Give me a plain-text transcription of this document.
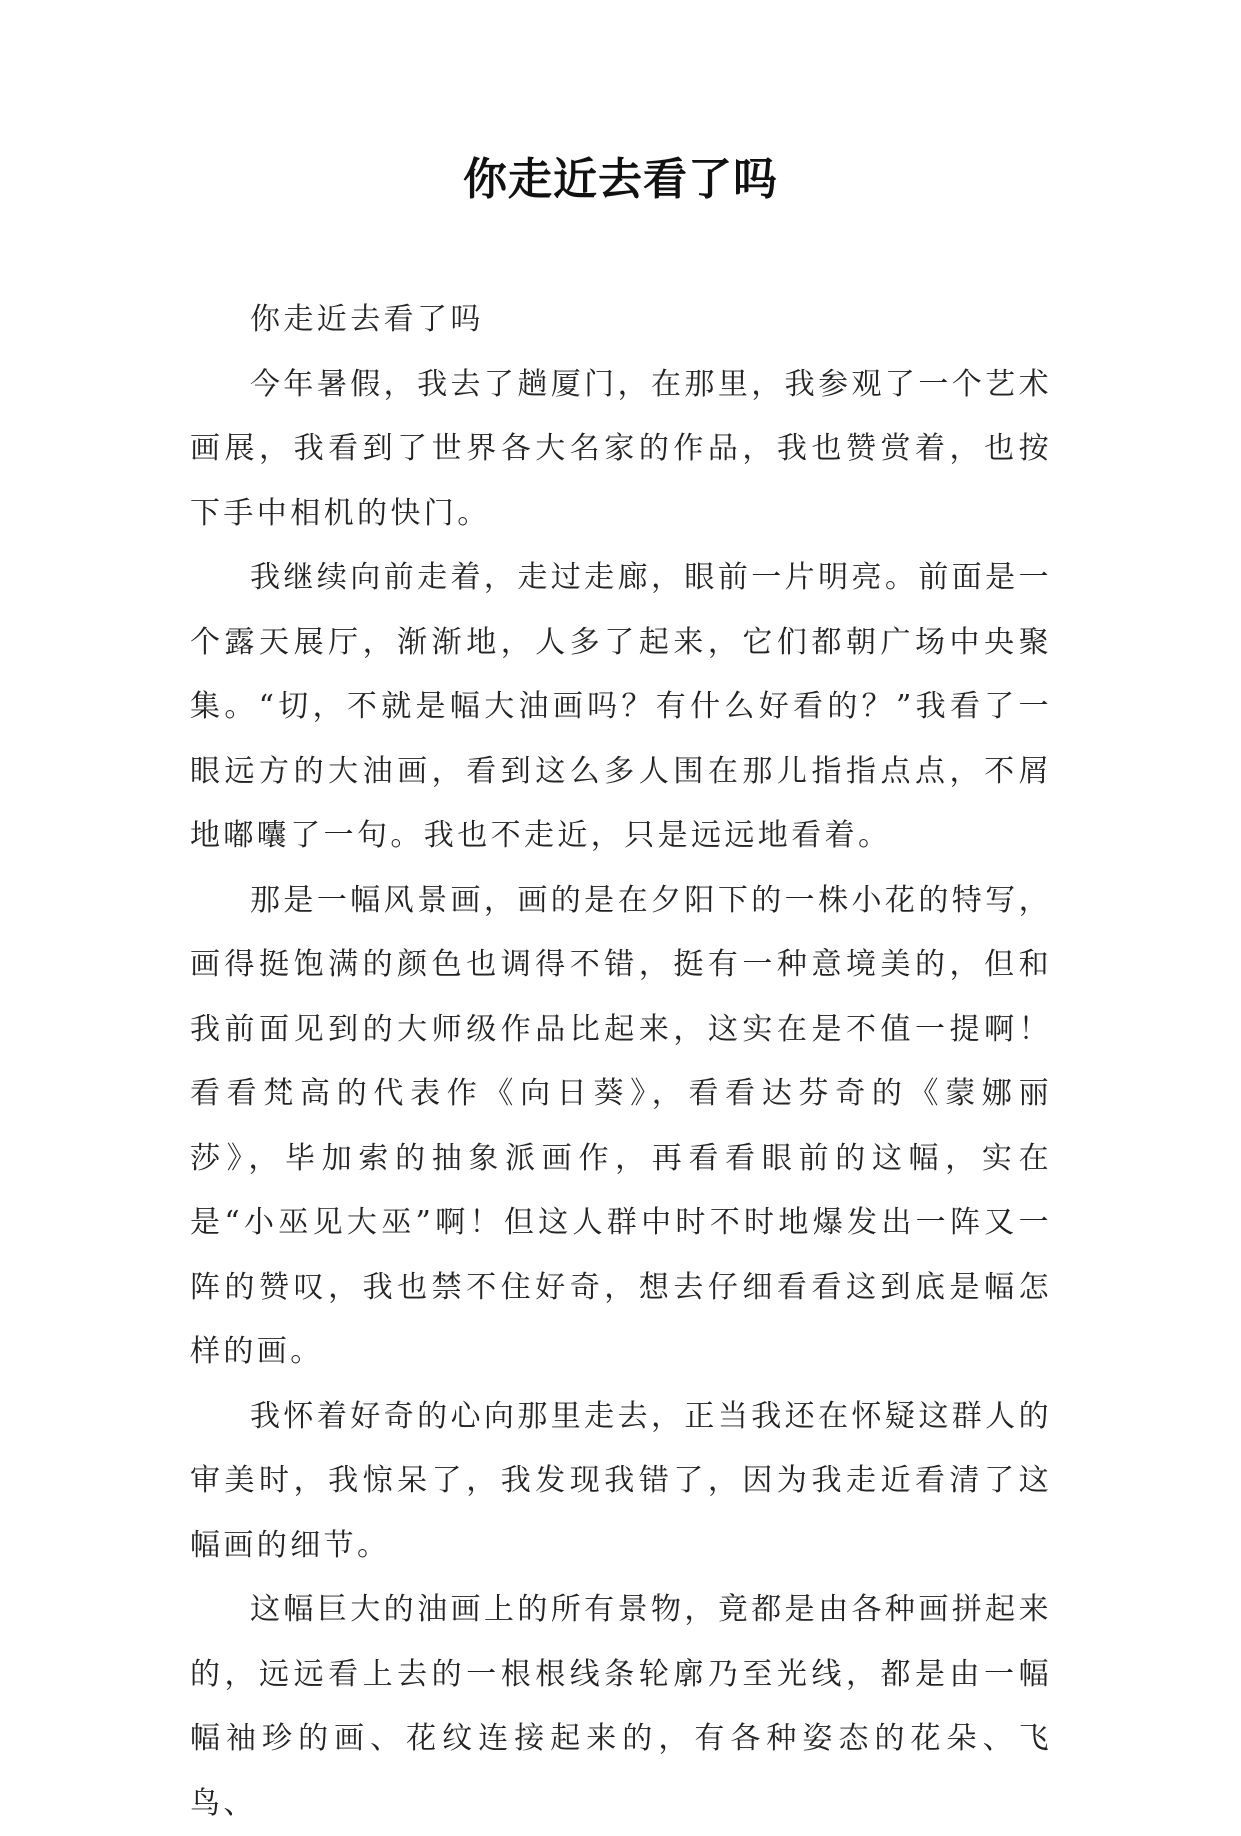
你走近去看了吗

你走近去看了吗

今年暑假，我去了趟厦门，在那里，我参观了一个艺术画展，我看到了世界各大名家的作品，我也赞赏着，也按下手中相机的快门。

我继续向前走着，走过走廊，眼前一片明亮。前面是一个露天展厅，渐渐地，人多了起来，它们都朝广场中央聚集。“切，不就是幅大油画吗？有什么好看的？”我看了一眼远方的大油画，看到这么多人围在那儿指指点点，不屑地嘟囔了一句。我也不走近，只是远远地看着。

那是一幅风景画，画的是在夕阳下的一株小花的特写，画得挺饱满的颜色也调得不错，挺有一种意境美的，但和我前面见到的大师级作品比起来，这实在是不值一提啊！看看梵高的代表作《向日葵》，看看达芬奇的《蒙娜丽莎》，毕加索的抽象派画作，再看看眼前的这幅，实在是“小巫见大巫”啊！但这人群中时不时地爆发出一阵又一阵的赞叹，我也禁不住好奇，想去仔细看看这到底是幅怎样的画。

我怀着好奇的心向那里走去，正当我还在怀疑这群人的审美时，我惊呆了，我发现我错了，因为我走近看清了这幅画的细节。

这幅巨大的油画上的所有景物，竟都是由各种画拼起来的，远远看上去的一根根线条轮廓乃至光线，都是由一幅幅袖珍的画、花纹连接起来的，有各种姿态的花朵、飞鸟、
